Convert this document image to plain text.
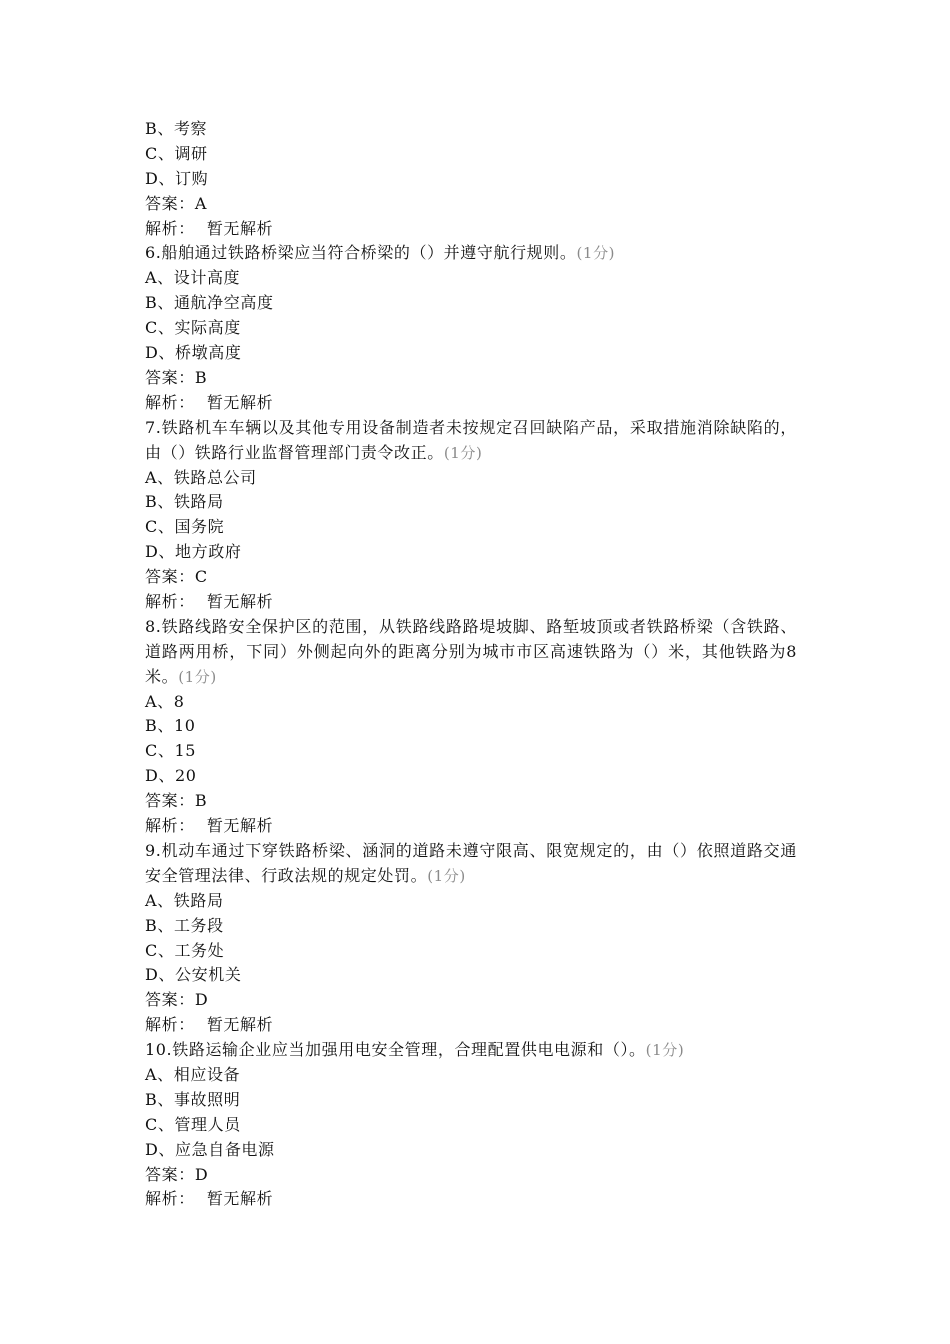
B、考察
C、调研
D、订购
答案：A
解析： 暂无解析
6.船舶通过铁路桥梁应当符合桥梁的（）并遵守航行规则。(1分)
A、设计高度
B、通航净空高度
C、实际高度
D、桥墩高度
答案：B
解析： 暂无解析
7.铁路机车车辆以及其他专用设备制造者未按规定召回缺陷产品，采取措施消除缺陷的，由（）铁路行业监督管理部门责令改正。(1分)
A、铁路总公司
B、铁路局
C、国务院
D、地方政府
答案：C
解析： 暂无解析
8.铁路线路安全保护区的范围，从铁路线路路堤坡脚、路堑坡顶或者铁路桥梁（含铁路、道路两用桥，下同）外侧起向外的距离分别为城市市区高速铁路为（）米，其他铁路为8米。(1分)
A、8
B、10
C、15
D、20
答案：B
解析： 暂无解析
9.机动车通过下穿铁路桥梁、涵洞的道路未遵守限高、限宽规定的，由（）依照道路交通安全管理法律、行政法规的规定处罚。(1分)
A、铁路局
B、工务段
C、工务处
D、公安机关
答案：D
解析： 暂无解析
10.铁路运输企业应当加强用电安全管理，合理配置供电电源和（）。(1分)
A、相应设备
B、事故照明
C、管理人员
D、应急自备电源
答案：D
解析： 暂无解析
